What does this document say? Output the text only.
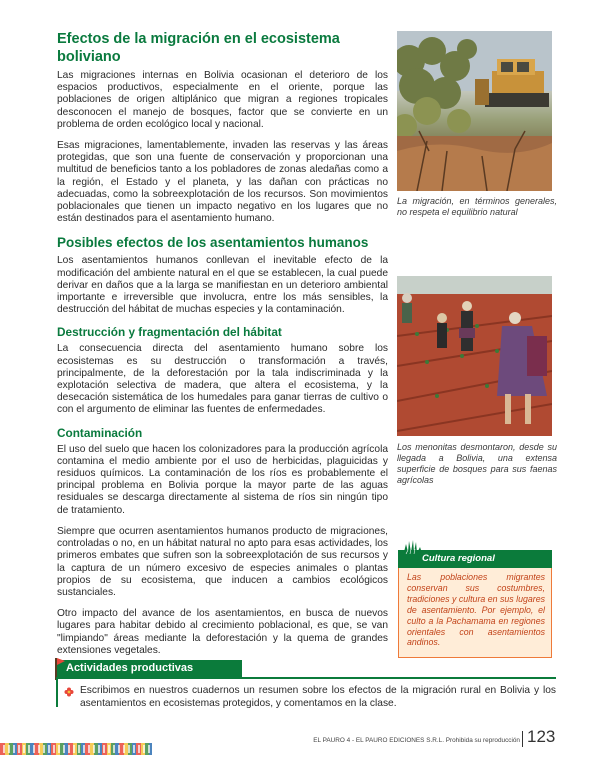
Efectos de la migración en el ecosistema boliviano

Las migraciones internas en Bolivia ocasionan el deterioro de los espacios productivos, especialmente en el oriente, porque las poblaciones de origen altiplánico que migran a regiones tropicales desconocen el manejo de bosques, factor que se convierte en un problema de orden ecológico local y nacional.

Esas migraciones, lamentablemente, invaden las reservas y las áreas protegidas, que son una fuente de conservación y proporcionan una multitud de beneficios tanto a los pobladores de zonas aledañas como a la región, el Estado y el planeta, y las dañan con prácticas no adecuadas, como la sobreexplotación de los recursos. Son movimientos poblacionales que tienen un impacto negativo en los lugares que no están destinados para el asentamiento humano.

Posibles efectos de los asentamientos humanos

Los asentamientos humanos conllevan el inevitable efecto de la modificación del ambiente natural en el que se establecen, la cual puede derivar en daños que a la larga se manifiestan en un deterioro ambiental importante e irreversible que involucra, entre los más sensibles, la destrucción del hábitat de muchas especies y la contaminación.

Destrucción y fragmentación del hábitat

La consecuencia directa del asentamiento humano sobre los ecosistemas es su destrucción o transformación a través, principalmente, de la deforestación por la tala indiscriminada y la explotación selectiva de madera, que altera el ecosistema, y la desecación sistemática de los humedales para ganar tierras de cultivo o con el argumento de eliminar las fuentes de enfermedades.

Contaminación

El uso del suelo que hacen los colonizadores para la producción agrícola contamina el medio ambiente por el uso de herbicidas, plaguicidas y residuos químicos. La contaminación de los ríos es probablemente el principal problema en Bolivia porque la mayor parte de las aguas residuales se descarga directamente al sistema de ríos sin ningún tipo de tratamiento.

Siempre que ocurren asentamientos humanos producto de migraciones, controladas o no, en un hábitat natural no apto para esas actividades, los primeros embates que sufren son la sobreexplotación de sus recursos y la captura de un número excesivo de especies animales o plantas propios de su ecosistema, que inducen a cambios ecológicos sustanciales.

Otro impacto del avance de los asentamientos, en busca de nuevos lugares para habitar debido al crecimiento poblacional, es que, se van "limpiando" áreas mediante la deforestación y la quema de grandes extensiones vegetales.

La migración, en términos generales, no respeta el equilibrio natural
Los menonitas desmontaron, desde su llegada a Bolivia, una extensa superficie de bosques para sus faenas agrícolas
Cultura regional

Las poblaciones migrantes conservan sus costumbres, tradiciones y cultura en sus lugares de asentamiento. Por ejemplo, el culto a la Pachamama en regiones orientales con asentamientos andinos.

Actividades productivas

Escribimos en nuestros cuadernos un resumen sobre los efectos de la migración rural en Bolivia y los asentamientos en ecosistemas protegidos, y comentamos en la clase.

EL PAURO 4 - EL PAURO EDICIONES S.R.L. Prohibida su reproducción 123
